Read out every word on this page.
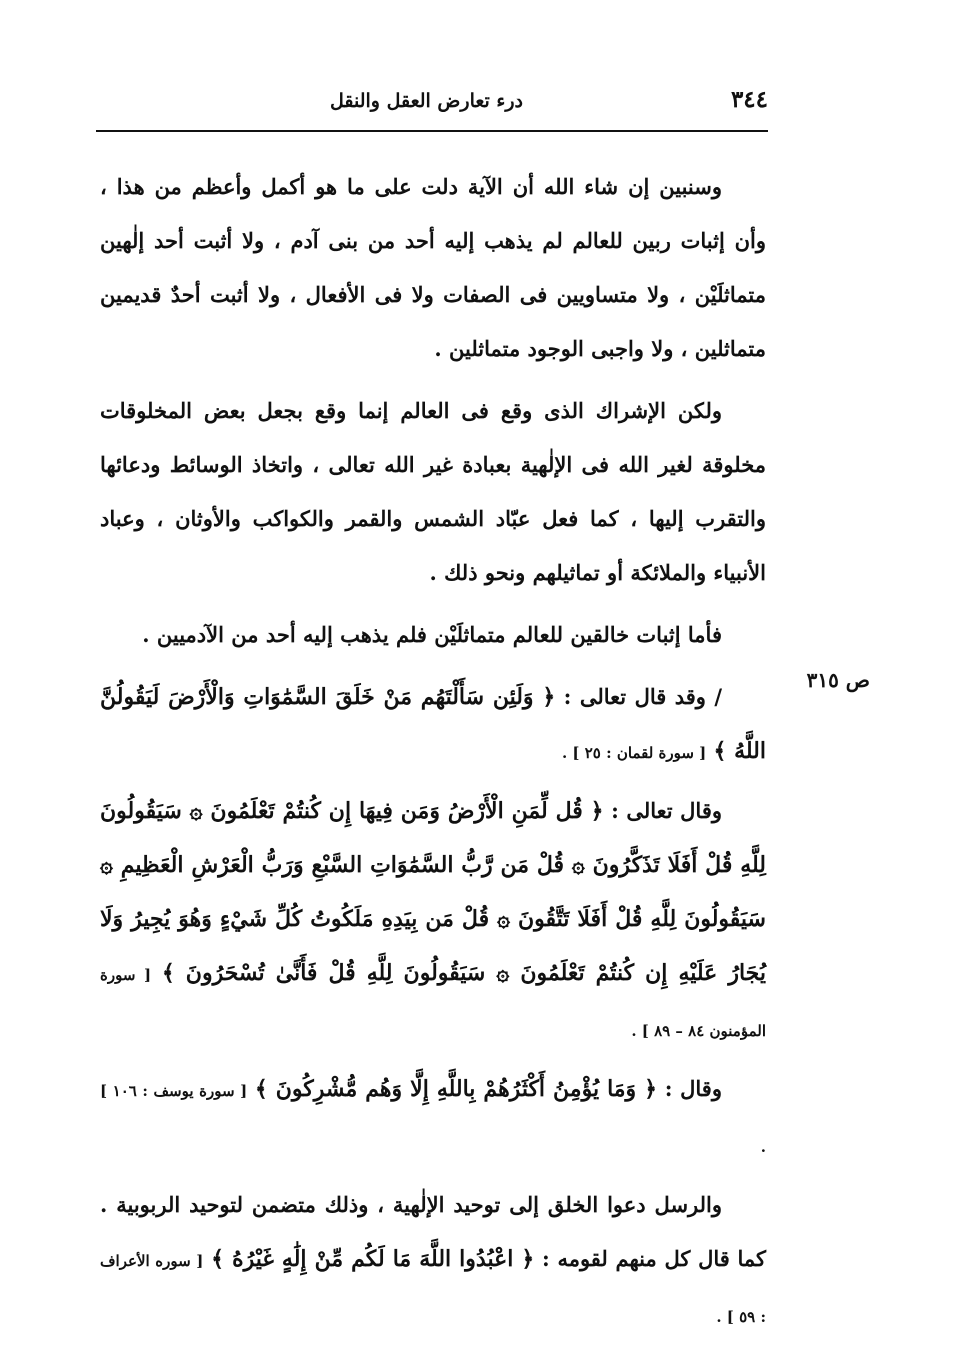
٣٤٤
درء تعارض العقل والنقل
ص ٣١٥

وسنبين إن شاء الله أن الآية دلت على ما هو أكمل وأعظم من هذا ، وأن إثبات ربين للعالم لم يذهب إليه أحد من بنى آدم ، ولا أثبت أحد إلٰهين متماثلَيْن ، ولا متساويين فى الصفات ولا فى الأفعال ، ولا أثبت أحدٌ قديمين متماثلين ، ولا واجبى الوجود متماثلين .

ولكن الإشراك الذى وقع فى العالم إنما وقع بجعل بعض المخلوقات مخلوقة لغير الله فى الإلٰهية بعبادة غير الله تعالى ، واتخاذ الوسائط ودعائها والتقرب إليها ، كما فعل عبّاد الشمس والقمر والكواكب والأوثان ، وعباد الأنبياء والملائكة أو تماثيلهم ونحو ذلك .

فأما إثبات خالقين للعالم متماثلَيْن فلم يذهب إليه أحد من الآدميين .

/ وقد قال تعالى : ﴿ وَلَئِن سَأَلْتَهُم مَنْ خَلَقَ السَّمَٰوَاتِ وَالْأَرْضَ لَيَقُولُنَّ اللَّهُ ﴾ [ سورة لقمان : ٢٥ ] .

وقال تعالى : ﴿ قُل لِّمَنِ الْأَرْضُ وَمَن فِيهَا إِن كُنتُمْ تَعْلَمُونَ ۞ سَيَقُولُونَ لِلَّهِ قُلْ أَفَلَا تَذَكَّرُونَ ۞ قُلْ مَن رَّبُّ السَّمَٰوَاتِ السَّبْعِ وَرَبُّ الْعَرْشِ الْعَظِيمِ ۞ سَيَقُولُونَ لِلَّهِ قُلْ أَفَلَا تَتَّقُونَ ۞ قُلْ مَن بِيَدِهِ مَلَكُوتُ كُلِّ شَيْءٍ وَهُوَ يُجِيرُ وَلَا يُجَارُ عَلَيْهِ إِن كُنتُمْ تَعْلَمُونَ ۞ سَيَقُولُونَ لِلَّهِ قُلْ فَأَنَّىٰ تُسْحَرُونَ ﴾ [ سورة المؤمنون ٨٤ – ٨٩ ] .

وقال : ﴿ وَمَا يُؤْمِنُ أَكْثَرُهُمْ بِاللَّهِ إِلَّا وَهُم مُّشْرِكُونَ ﴾ [ سورة يوسف : ١٠٦ ] .

والرسل دعوا الخلق إلى توحيد الإلٰهية ، وذلك متضمن لتوحيد الربوبية . كما قال كل منهم لقومه : ﴿ اعْبُدُوا اللَّهَ مَا لَكُم مِّنْ إِلَٰهٍ غَيْرُهُ ﴾ [ سوره الأعراف : ٥٩ ] .
